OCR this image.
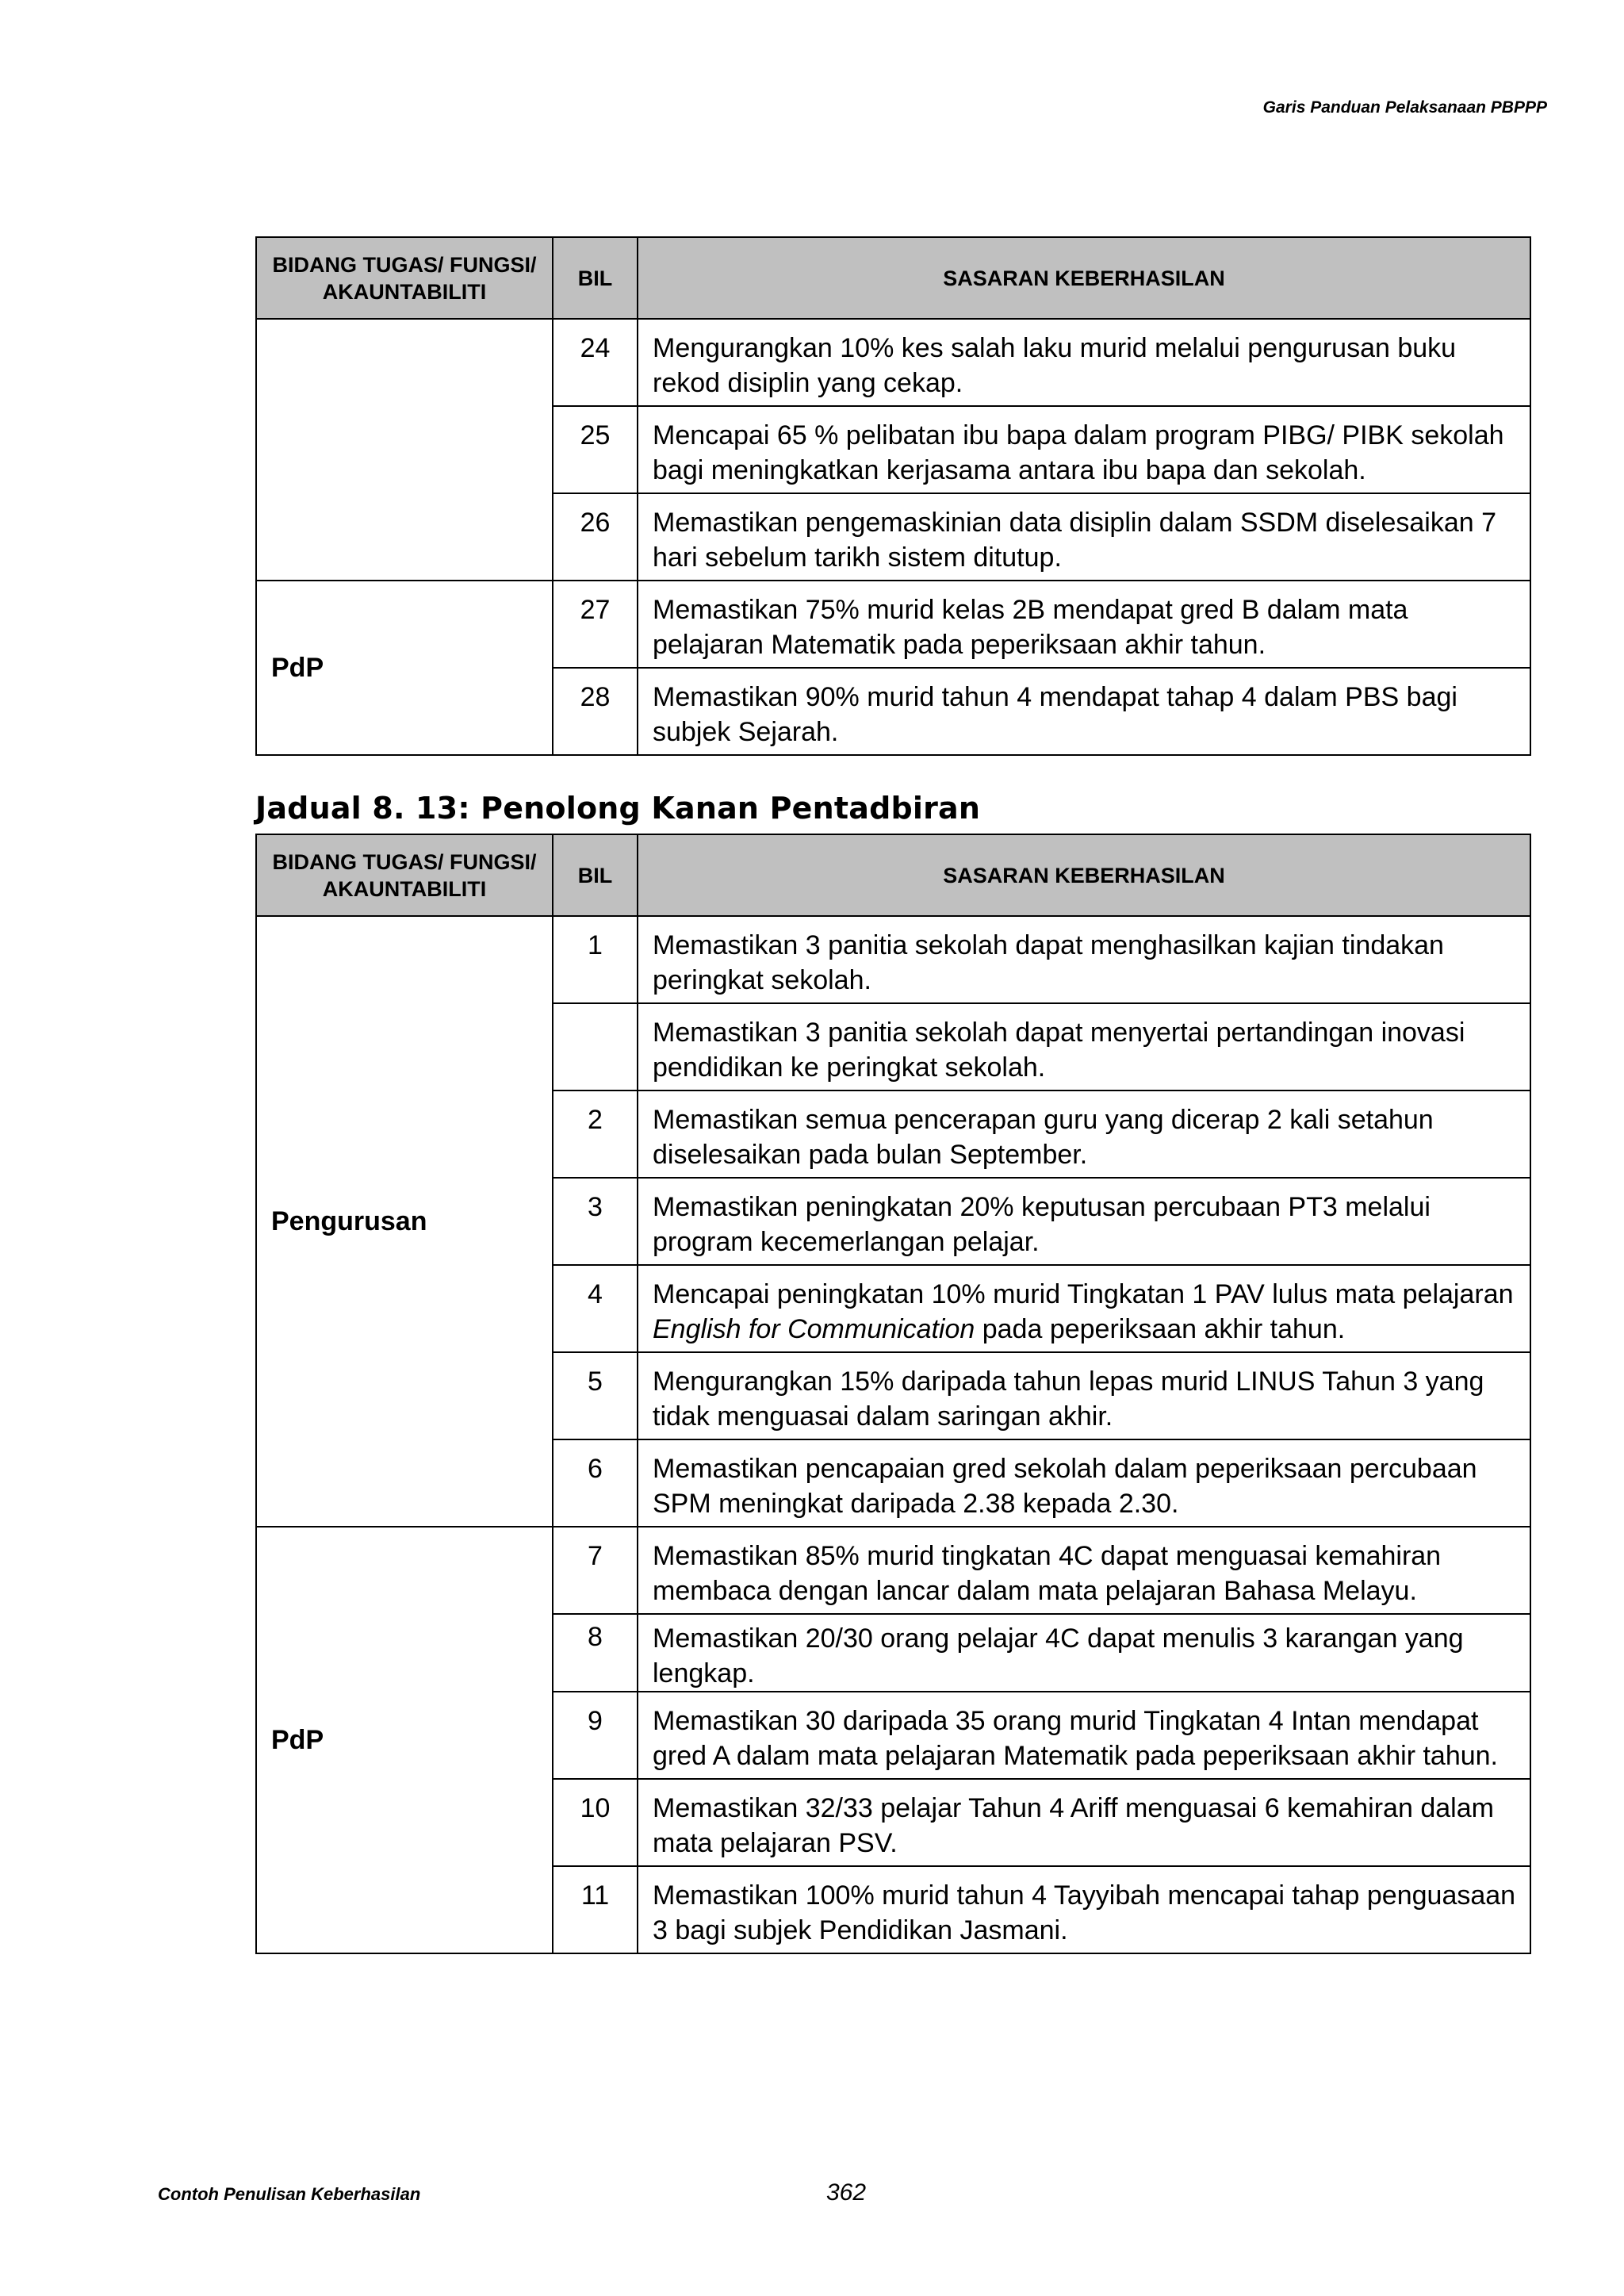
Garis Panduan Pelaksanaan PBPPP
BIDANG TUGAS/ FUNGSI/ AKAUNTABILITI	BIL	SASARAN KEBERHASILAN
	24	Mengurangkan 10% kes salah laku murid melalui pengurusan buku rekod disiplin yang cekap.
	25	Mencapai 65 % pelibatan ibu bapa dalam program PIBG/ PIBK sekolah bagi meningkatkan kerjasama antara ibu bapa dan sekolah.
	26	Memastikan pengemaskinian data disiplin dalam SSDM diselesaikan 7 hari sebelum tarikh sistem ditutup.
PdP	27	Memastikan 75% murid kelas 2B mendapat gred B dalam mata pelajaran Matematik pada peperiksaan akhir tahun.
	28	Memastikan 90% murid tahun 4 mendapat tahap 4 dalam PBS bagi subjek Sejarah.
Jadual 8. 13: Penolong Kanan Pentadbiran
BIDANG TUGAS/ FUNGSI/ AKAUNTABILITI	BIL	SASARAN KEBERHASILAN
Pengurusan	1	Memastikan 3 panitia sekolah dapat menghasilkan kajian tindakan peringkat sekolah.
		Memastikan 3 panitia sekolah dapat menyertai pertandingan inovasi pendidikan ke peringkat sekolah.
	2	Memastikan semua pencerapan guru yang dicerap 2 kali setahun diselesaikan pada bulan September.
	3	Memastikan peningkatan 20% keputusan percubaan PT3 melalui program kecemerlangan pelajar.
	4	Mencapai peningkatan 10% murid Tingkatan 1 PAV lulus mata pelajaran English for Communication pada peperiksaan akhir tahun.
	5	Mengurangkan 15% daripada tahun lepas murid LINUS Tahun 3 yang tidak menguasai dalam saringan akhir.
	6	Memastikan pencapaian gred sekolah dalam peperiksaan percubaan SPM meningkat daripada 2.38 kepada 2.30.
PdP	7	Memastikan 85% murid tingkatan 4C dapat menguasai kemahiran membaca dengan lancar dalam mata pelajaran Bahasa Melayu.
	8	Memastikan 20/30 orang pelajar 4C dapat menulis 3 karangan yang lengkap.
	9	Memastikan 30 daripada 35 orang murid Tingkatan 4 Intan mendapat gred A dalam mata pelajaran Matematik pada peperiksaan akhir tahun.
	10	Memastikan 32/33 pelajar Tahun 4 Ariff menguasai 6 kemahiran dalam mata pelajaran PSV.
	11	Memastikan 100% murid tahun 4 Tayyibah mencapai tahap penguasaan 3 bagi subjek Pendidikan Jasmani.
Contoh Penulisan Keberhasilan	362
